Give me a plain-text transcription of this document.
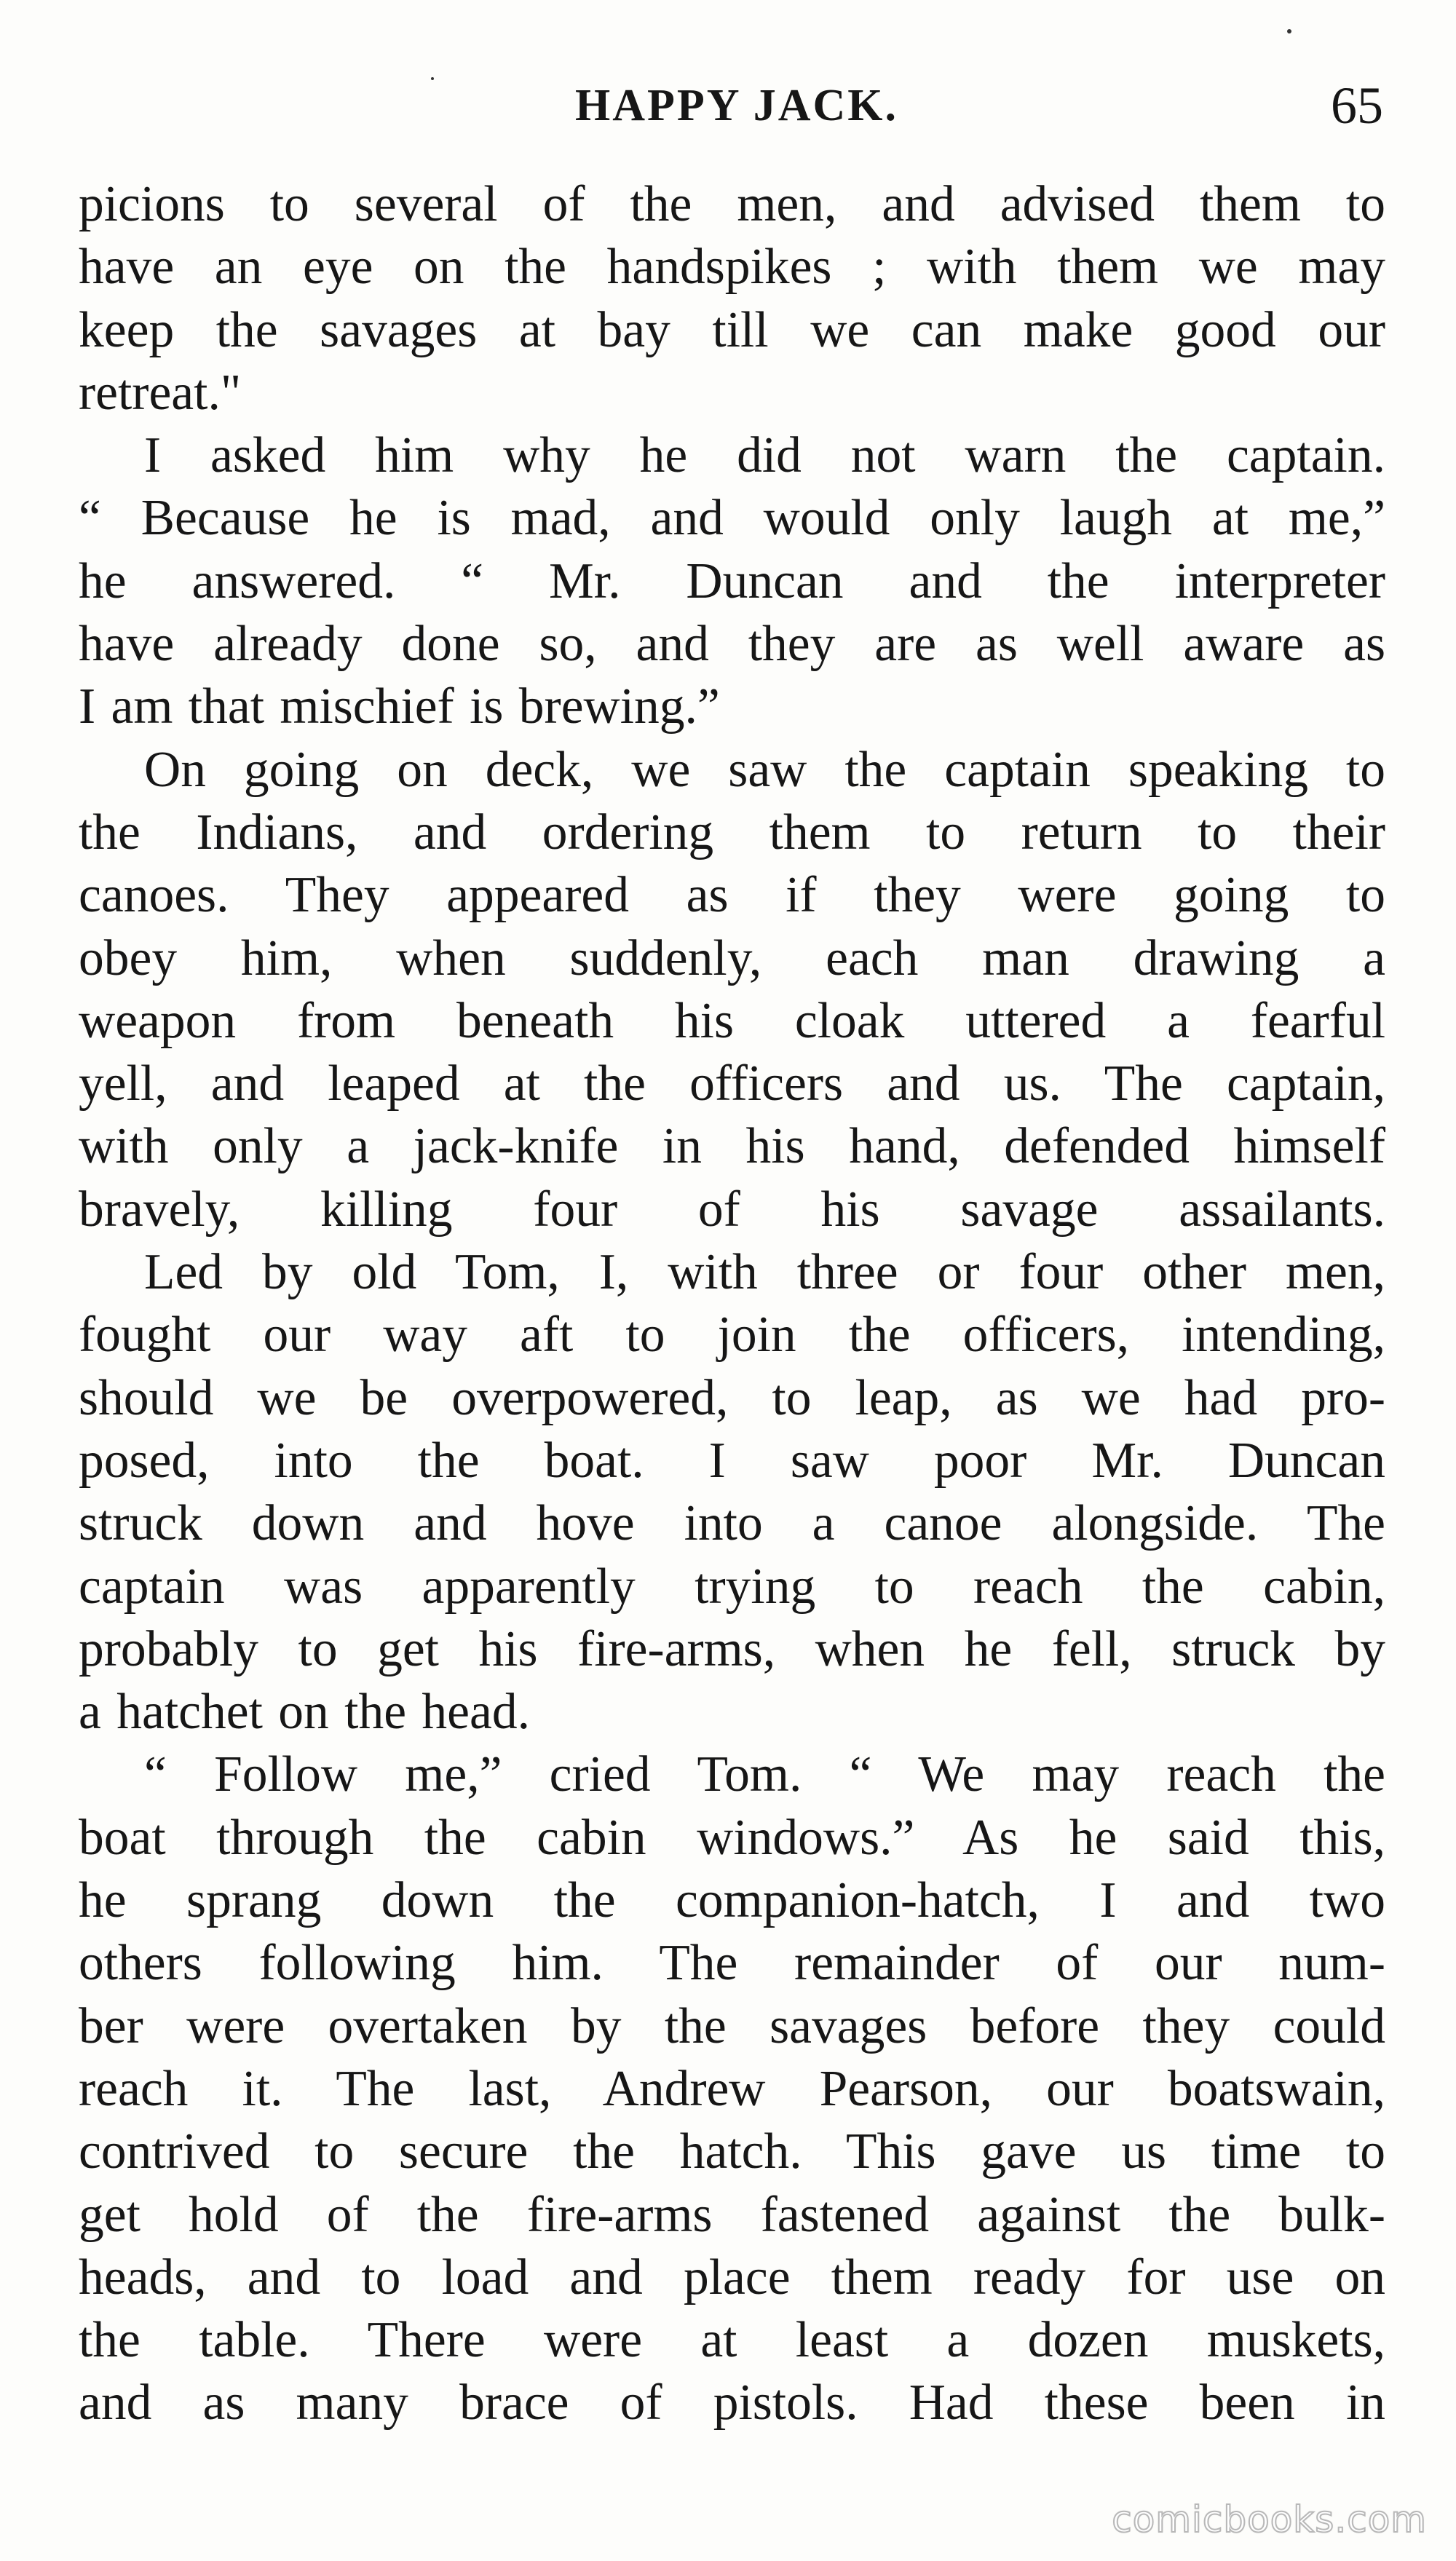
HAPPY JACK.	65

picions to several of the men, and advised them to
have an eye on the handspikes ; with them we may
keep the savages at bay till we can make good our
retreat."

I asked him why he did not warn the captain.
“ Because he is mad, and would only laugh at me,”
he answered. “ Mr. Duncan and the interpreter
have already done so, and they are as well aware as
I am that mischief is brewing.”

On going on deck, we saw the captain speaking to
the Indians, and ordering them to return to their
canoes. They appeared as if they were going to
obey him, when suddenly, each man drawing a
weapon from beneath his cloak uttered a fearful
yell, and leaped at the officers and us. The captain,
with only a jack-knife in his hand, defended himself
bravely, killing four of his savage assailants.

Led by old Tom, I, with three or four other men,
fought our way aft to join the officers, intending,
should we be overpowered, to leap, as we had pro-
posed, into the boat. I saw poor Mr. Duncan
struck down and hove into a canoe alongside. The
captain was apparently trying to reach the cabin,
probably to get his fire-arms, when he fell, struck by
a hatchet on the head.

“ Follow me,” cried Tom. “ We may reach the
boat through the cabin windows.” As he said this,
he sprang down the companion-hatch, I and two
others following him. The remainder of our num-
ber were overtaken by the savages before they could
reach it. The last, Andrew Pearson, our boatswain,
contrived to secure the hatch. This gave us time to
get hold of the fire-arms fastened against the bulk-
heads, and to load and place them ready for use on
the table. There were at least a dozen muskets,
and as many brace of pistols. Had these been in

comicbooks.com
